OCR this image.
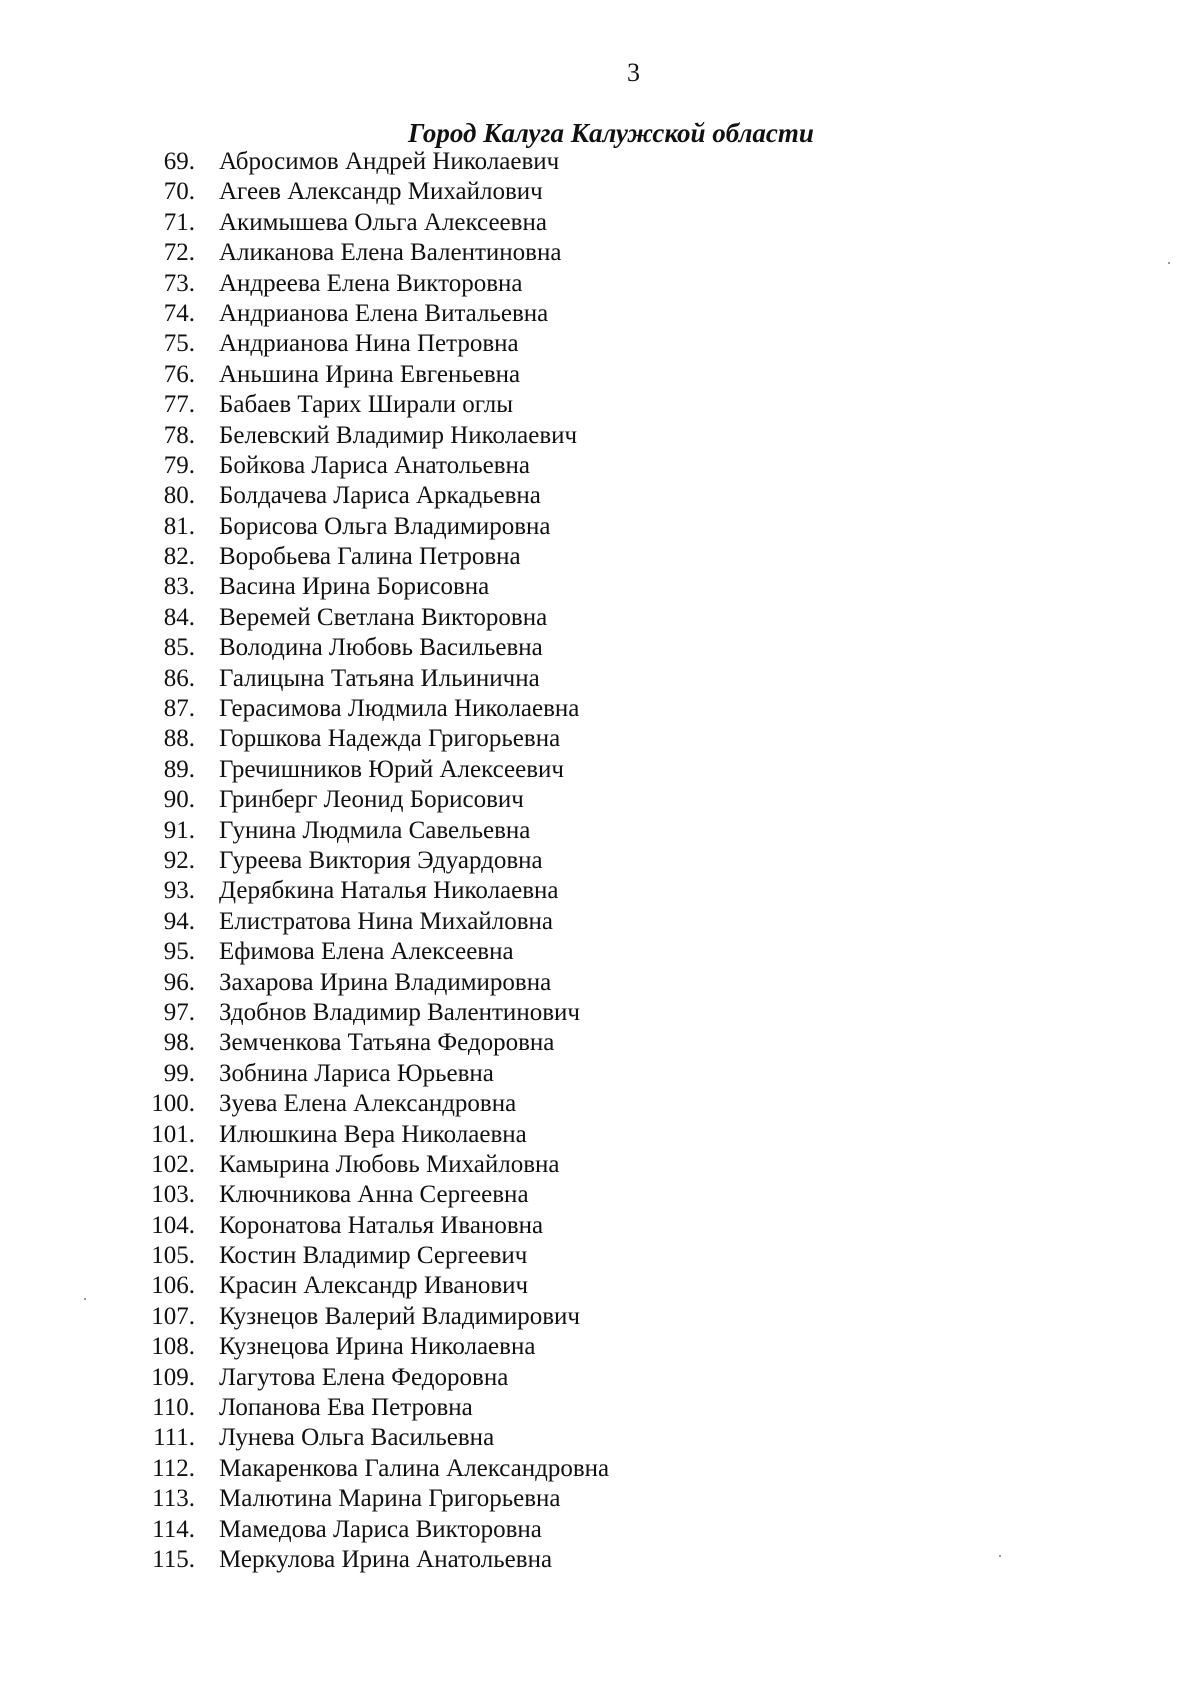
3
Город Калуга Калужской области
69. Абросимов Андрей Николаевич
70. Агеев Александр Михайлович
71. Акимышева Ольга Алексеевна
72. Аликанова Елена Валентиновна
73. Андреева Елена Викторовна
74. Андрианова Елена Витальевна
75. Андрианова Нина Петровна
76. Аньшина Ирина Евгеньевна
77. Бабаев Тарих Ширали оглы
78. Белевский Владимир Николаевич
79. Бойкова Лариса Анатольевна
80. Болдачева Лариса Аркадьевна
81. Борисова Ольга Владимировна
82. Воробьева Галина Петровна
83. Васина Ирина Борисовна
84. Веремей Светлана Викторовна
85. Володина Любовь Васильевна
86. Галицына Татьяна Ильинична
87. Герасимова Людмила Николаевна
88. Горшкова Надежда Григорьевна
89. Гречишников Юрий Алексеевич
90. Гринберг Леонид Борисович
91. Гунина Людмила Савельевна
92. Гуреева Виктория Эдуардовна
93. Дерябкина Наталья Николаевна
94. Елистратова Нина Михайловна
95. Ефимова Елена Алексеевна
96. Захарова Ирина Владимировна
97. Здобнов Владимир Валентинович
98. Земченкова Татьяна Федоровна
99. Зобнина Лариса Юрьевна
100. Зуева Елена Александровна
101. Илюшкина Вера Николаевна
102. Камырина Любовь Михайловна
103. Ключникова Анна Сергеевна
104. Коронатова Наталья Ивановна
105. Костин Владимир Сергеевич
106. Красин Александр Иванович
107. Кузнецов Валерий Владимирович
108. Кузнецова Ирина Николаевна
109. Лагутова Елена Федоровна
110. Лопанова Ева Петровна
111. Лунева Ольга Васильевна
112. Макаренкова Галина Александровна
113. Малютина Марина Григорьевна
114. Мамедова Лариса Викторовна
115. Меркулова Ирина Анатольевна
